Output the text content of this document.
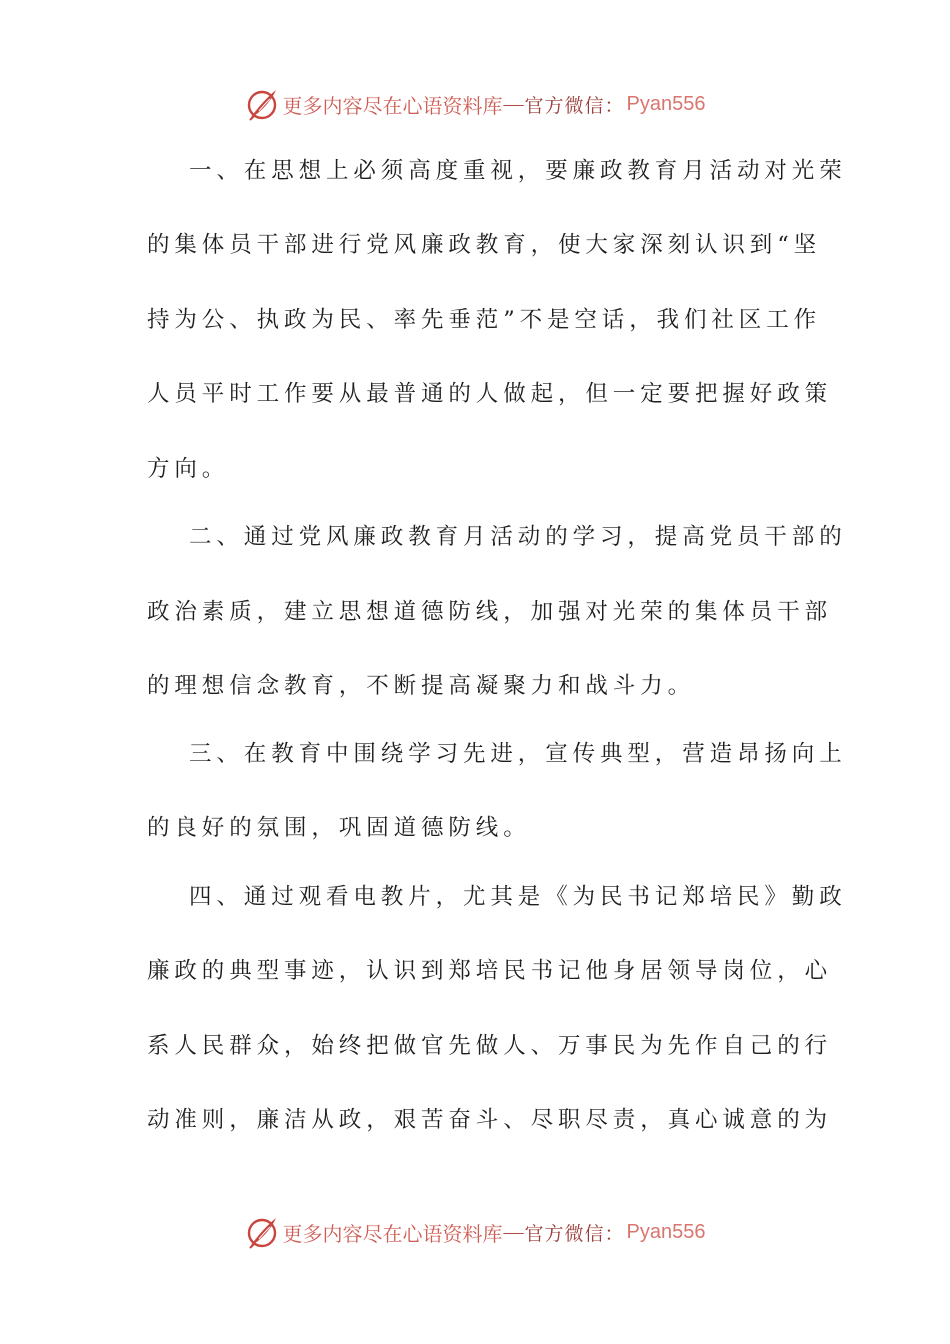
更多内容尽在心语资料库 — 官方微信： Pyan556
一、在思想上必须高度重视，要廉政教育月活动对光荣
的集体员干部进行党风廉政教育，使大家深刻认识到“坚
持为公、执政为民、率先垂范”不是空话，我们社区工作
人员平时工作要从最普通的人做起，但一定要把握好政策
方向。
二、通过党风廉政教育月活动的学习，提高党员干部的
政治素质，建立思想道德防线，加强对光荣的集体员干部
的理想信念教育，不断提高凝聚力和战斗力。
三、在教育中围绕学习先进，宣传典型，营造昂扬向上
的良好的氛围，巩固道德防线。
四、通过观看电教片，尤其是《为民书记郑培民》勤政
廉政的典型事迹，认识到郑培民书记他身居领导岗位，心
系人民群众，始终把做官先做人、万事民为先作自己的行
动准则，廉洁从政，艰苦奋斗、尽职尽责，真心诚意的为
更多内容尽在心语资料库 — 官方微信： Pyan556
